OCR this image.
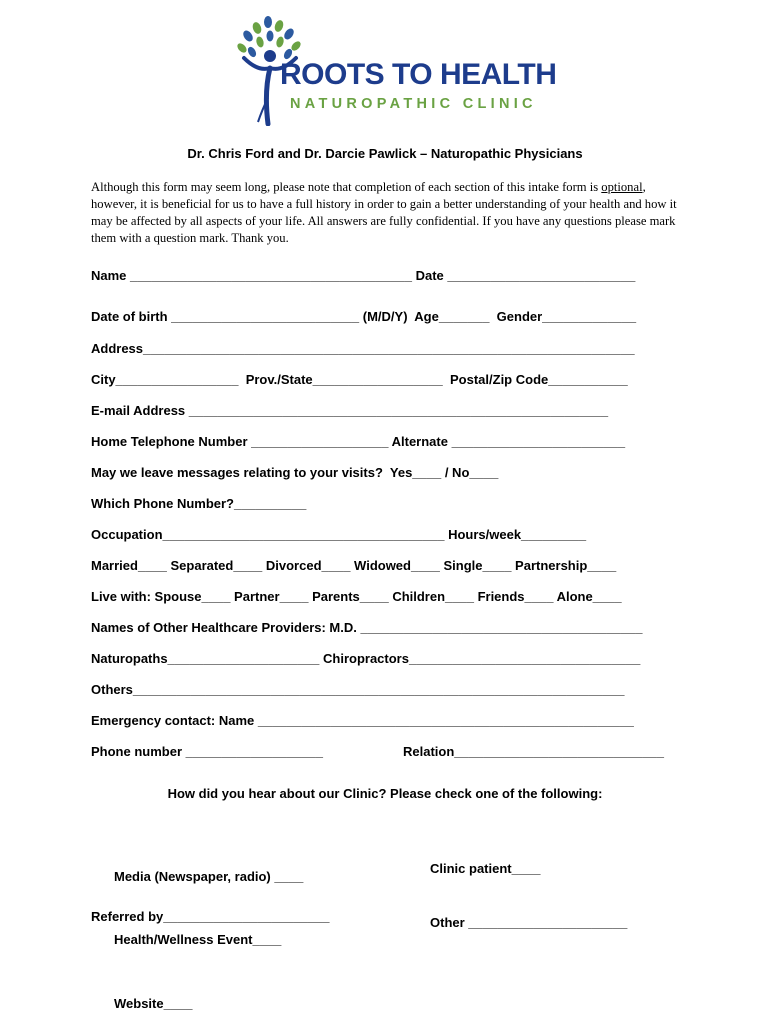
ROOTS TO HEALTH
NATUROPATHIC CLINIC
Dr. Chris Ford and Dr. Darcie Pawlick – Naturopathic Physicians
Although this form may seem long, please note that completion of each section of this intake form is optional, however, it is beneficial for us to have a full history in order to gain a better understanding of your health and how it may be affected by all aspects of your life. All answers are fully confidential. If you have any questions please mark them with a question mark. Thank you.
Name _______________________________________ Date __________________________
Date of birth __________________________ (M/D/Y)  Age_______  Gender_____________
Address____________________________________________________________________
City_________________  Prov./State__________________  Postal/Zip Code___________
E-mail Address __________________________________________________________
Home Telephone Number ___________________ Alternate ________________________
May we leave messages relating to your visits?  Yes____ / No____
Which Phone Number?__________
Occupation_______________________________________ Hours/week_________
Married____ Separated____ Divorced____ Widowed____ Single____ Partnership____
Live with: Spouse____ Partner____ Parents____ Children____ Friends____ Alone____
Names of Other Healthcare Providers: M.D. _______________________________________
Naturopaths_____________________ Chiropractors________________________________
Others____________________________________________________________________
Emergency contact: Name ____________________________________________________
Phone number ___________________	Relation_____________________________
How did you hear about our Clinic? Please check one of the following:

Media (Newspaper, radio) ____

Health/Wellness Event____

Website____

Clinic patient____

Other ______________________

Referred by_______________________
